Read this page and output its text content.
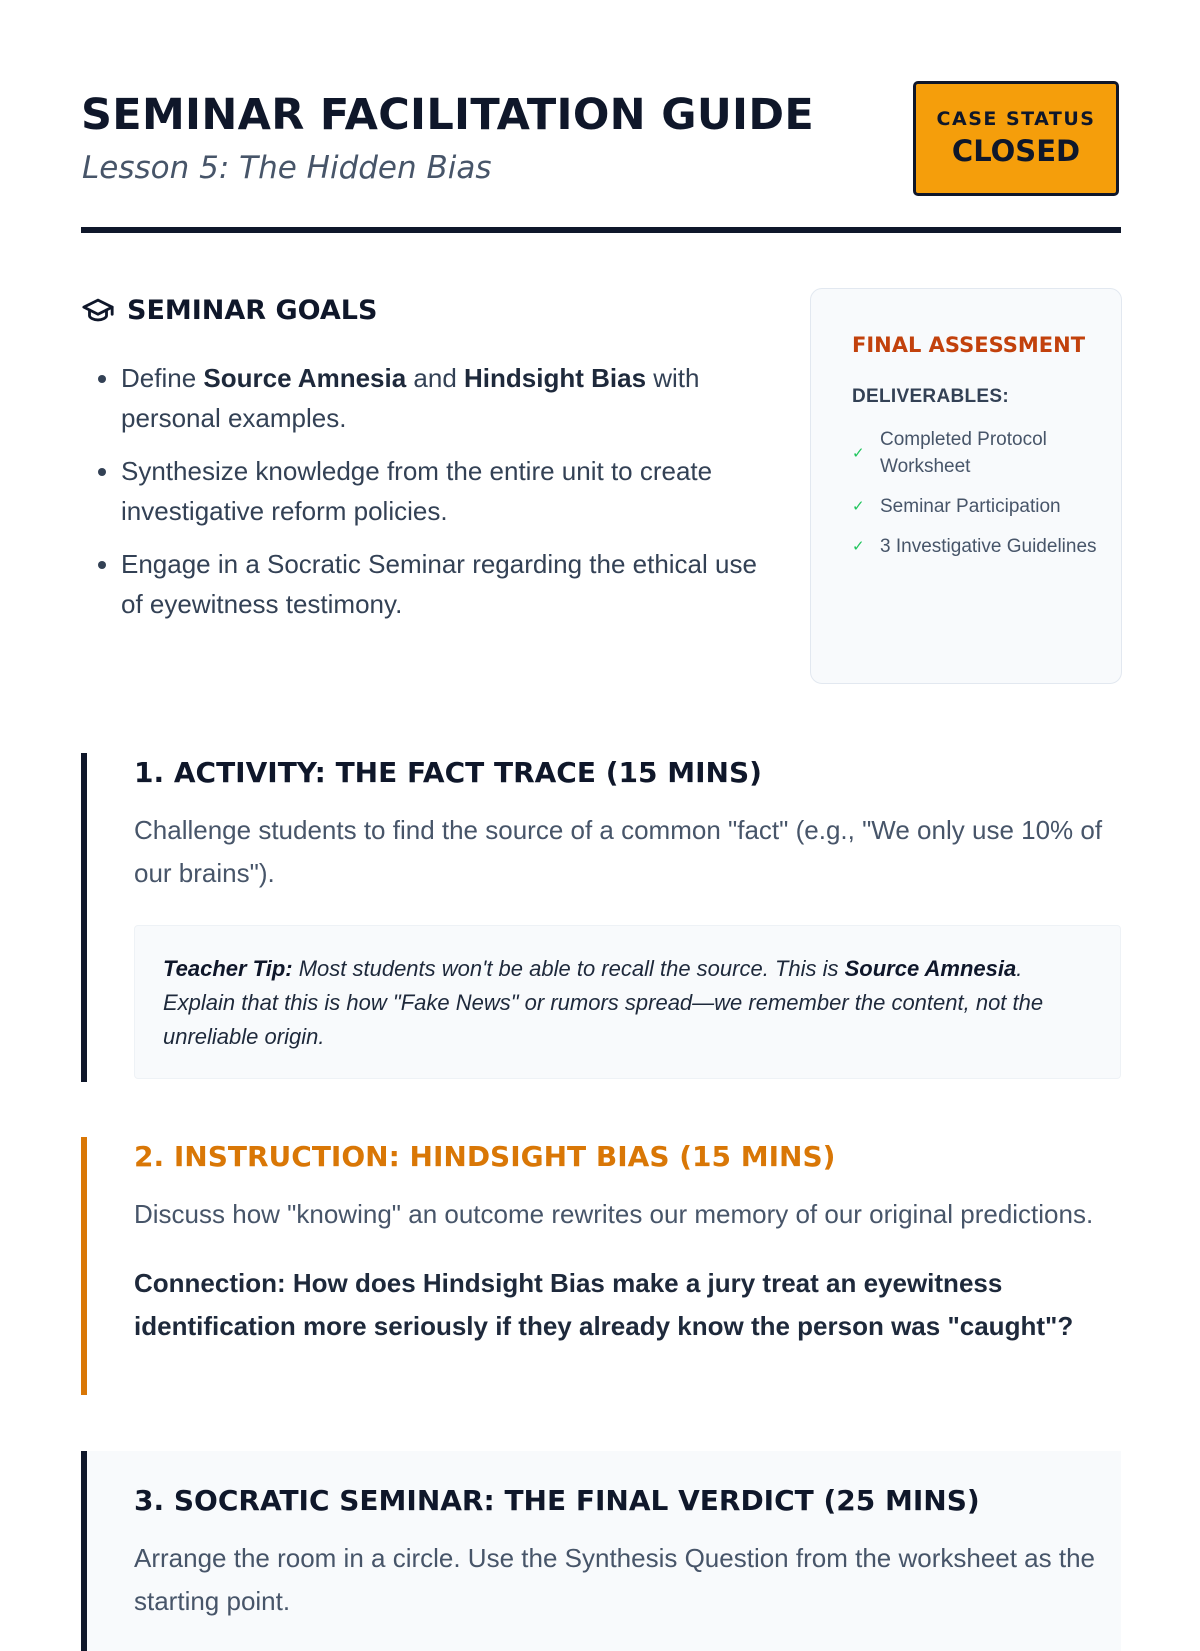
SEMINAR FACILITATION GUIDE
Lesson 5: The Hidden Bias
CASE STATUS
CLOSED
SEMINAR GOALS
• Define Source Amnesia and Hindsight Bias with personal examples.
• Synthesize knowledge from the entire unit to create investigative reform policies.
• Engage in a Socratic Seminar regarding the ethical use of eyewitness testimony.
FINAL ASSESSMENT
DELIVERABLES:
✓
Completed Protocol Worksheet
✓ Seminar Participation
✓ 3 Investigative Guidelines
1. ACTIVITY: THE FACT TRACE (15 MINS)

Challenge students to find the source of a common "fact" (e.g., "We only use 10% of our brains").

Teacher Tip: Most students won't be able to recall the source. This is Source Amnesia. Explain that this is how "Fake News" or rumors spread—we remember the content, not the unreliable origin.
2. INSTRUCTION: HINDSIGHT BIAS (15 MINS)

Discuss how "knowing" an outcome rewrites our memory of our original predictions.

Connection: How does Hindsight Bias make a jury treat an eyewitness identification more seriously if they already know the person was "caught"?

3. SOCRATIC SEMINAR: THE FINAL VERDICT (25 MINS)

Arrange the room in a circle. Use the Synthesis Question from the worksheet as the starting point.
